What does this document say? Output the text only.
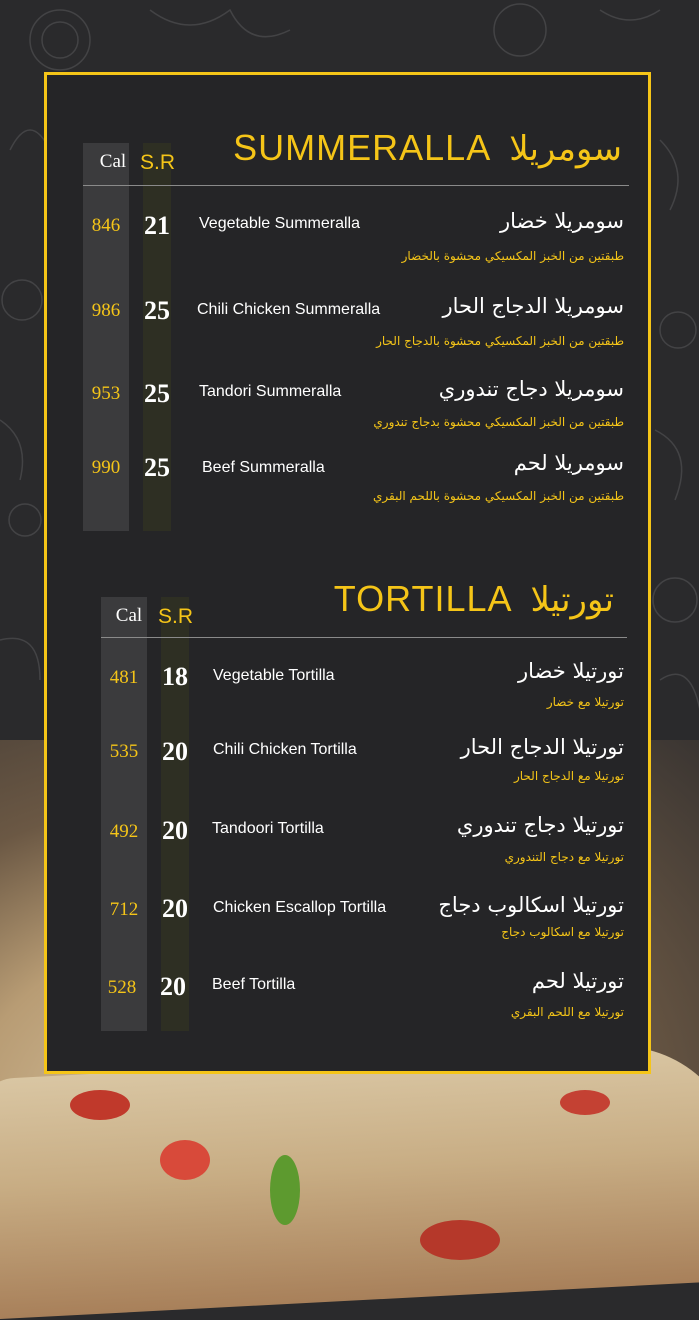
Cal S.R SUMMERALLA سومريلا
846 21 Vegetable Summeralla	سومريلا خضار
طبقتين من الخبز المكسيكي محشوة بالخضار
986 25 Chili Chicken Summeralla	سومريلا الدجاج الحار
طبقتين من الخبز المكسيكي محشوة بالدجاج الحار
953 25 Tandori Summeralla	سومريلا دجاج تندوري
طبقتين من الخبز المكسيكي محشوة بدجاج تندوري
990 25 Beef Summeralla	سومريلا لحم
طبقتين من الخبز المكسيكي محشوة باللحم البقري
Cal S.R	TORTILLA تورتيلا
481 18 Vegetable Tortilla	تورتيلا خضار
تورتيلا مع خضار
535 20 Chili Chicken Tortilla	تورتيلا الدجاج الحار
تورتيلا مع الدجاج الحار
492 20 Tandoori Tortilla	تورتيلا دجاج تندوري
تورتيلا مع دجاج التندوري
712 20 Chicken Escallop Tortilla تورتيلا اسكالوب دجاج
تورتيلا مع اسكالوب دجاج
528 20 Beef Tortilla	تورتيلا لحم
تورتيلا مع اللحم البقري
